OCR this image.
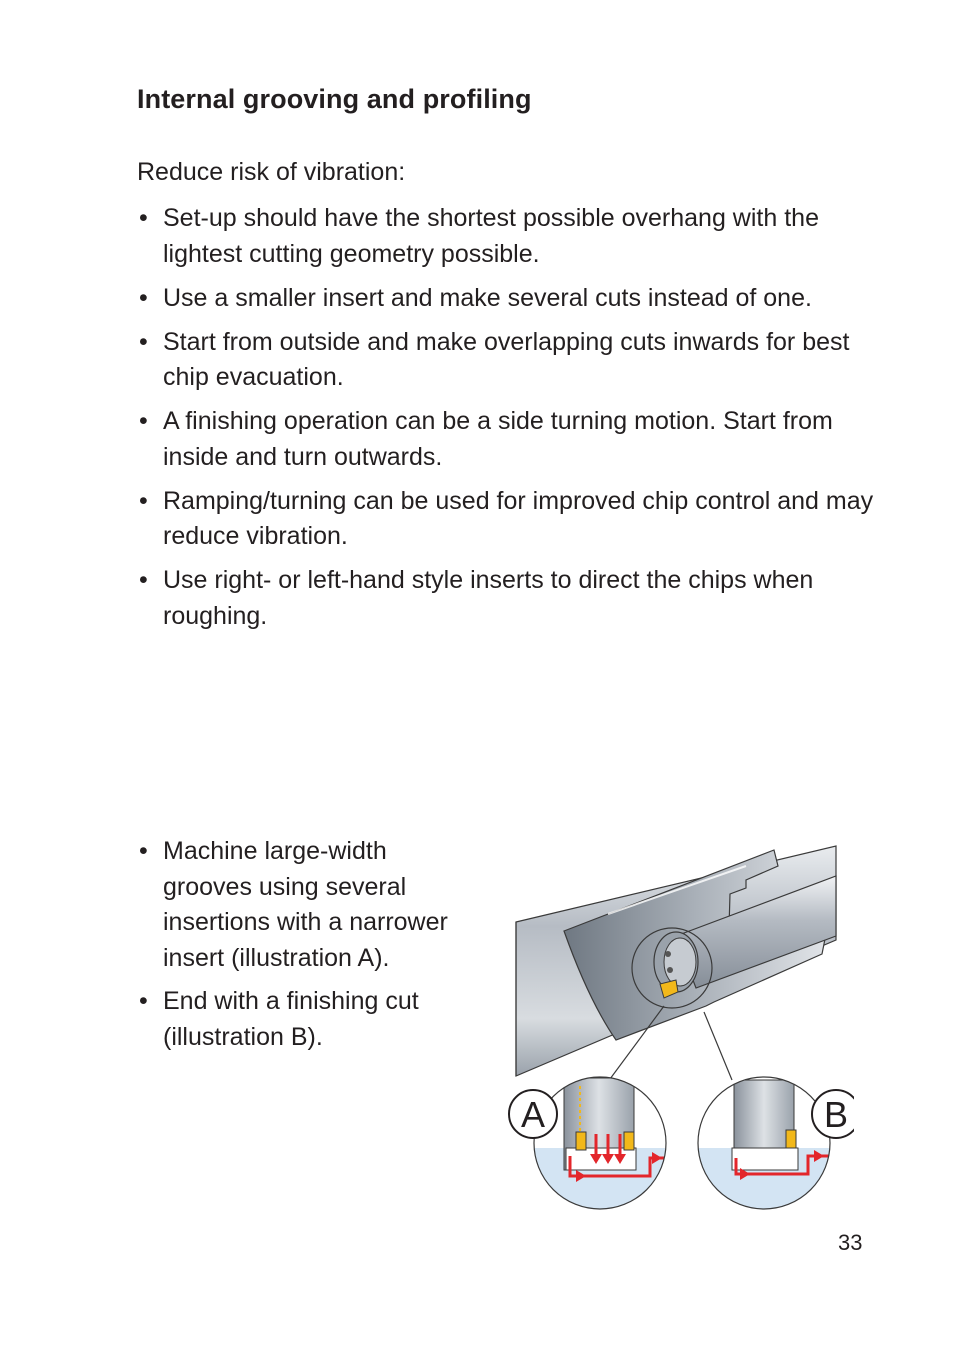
Internal grooving and profiling

Reduce risk of vibration:

• Set-up should have the shortest possible overhang with the lightest cutting geometry possible.
• Use a smaller insert and make several cuts instead of one.
• Start from outside and make overlapping cuts inwards for best chip evacuation.
• A finishing operation can be a side turning motion. Start from inside and turn outwards.
• Ramping/turning can be used for improved chip control and may reduce vibration.
• Use right- or left-hand style inserts to direct the chips when roughing.
• Machine large-width grooves using several insertions with a narrower insert (illustration A).
• End with a finishing cut (illustration B).
A	B

33
